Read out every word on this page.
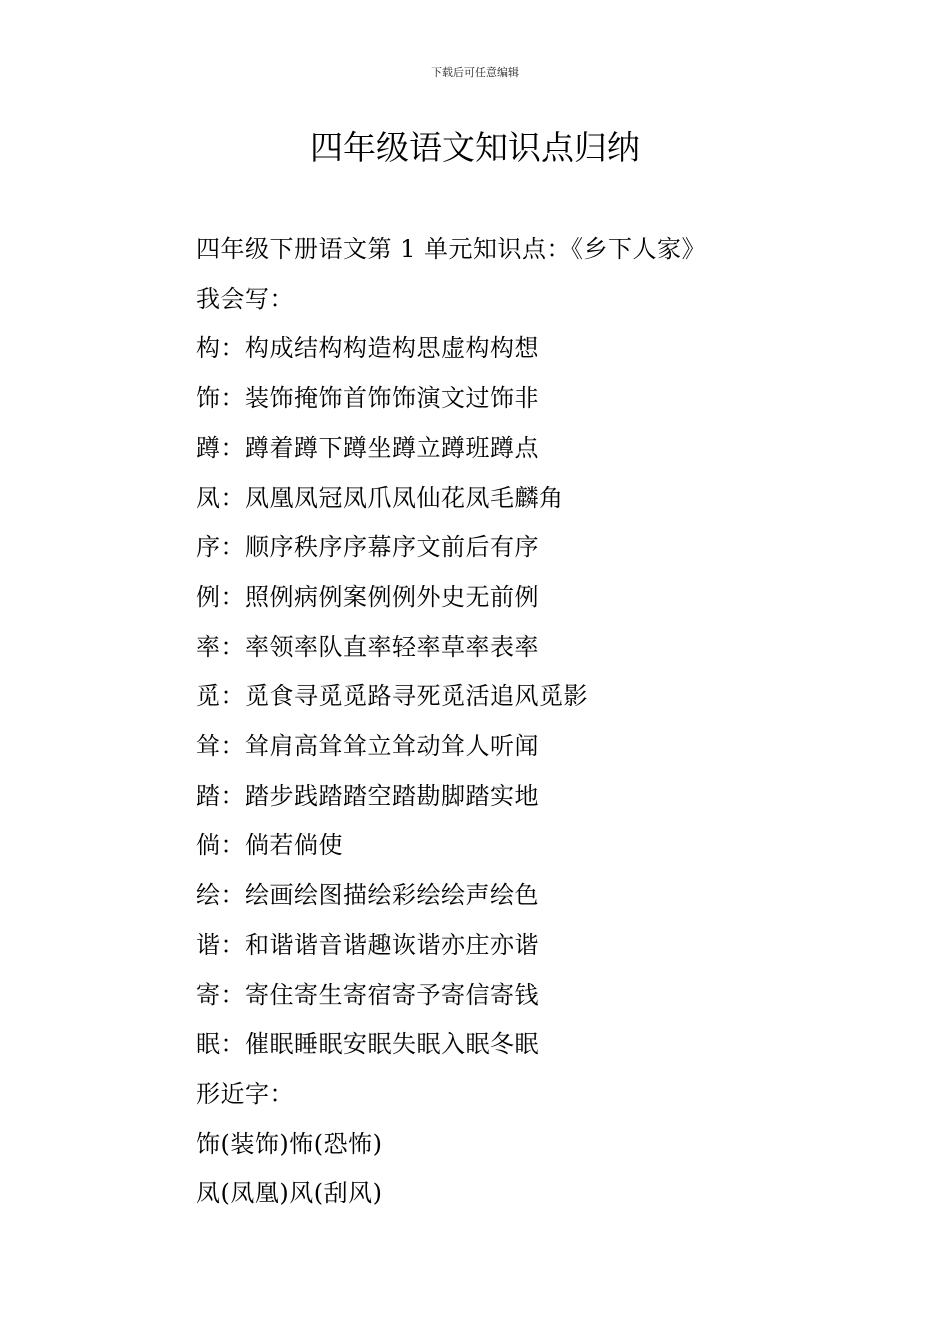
下载后可任意编辑
四年级语文知识点归纳
四年级下册语文第 1 单元知识点：《乡下人家》
我会写：
构：构成结构构造构思虚构构想
饰：装饰掩饰首饰饰演文过饰非
蹲：蹲着蹲下蹲坐蹲立蹲班蹲点
凤：凤凰凤冠凤爪凤仙花凤毛麟角
序：顺序秩序序幕序文前后有序
例：照例病例案例例外史无前例
率：率领率队直率轻率草率表率
觅：觅食寻觅觅路寻死觅活追风觅影
耸：耸肩高耸耸立耸动耸人听闻
踏：踏步践踏踏空踏勘脚踏实地
倘：倘若倘使
绘：绘画绘图描绘彩绘绘声绘色
谐：和谐谐音谐趣诙谐亦庄亦谐
寄：寄住寄生寄宿寄予寄信寄钱
眠：催眠睡眠安眠失眠入眠冬眠
形近字：
饰(装饰)怖(恐怖)
凤(凤凰)风(刮风)
